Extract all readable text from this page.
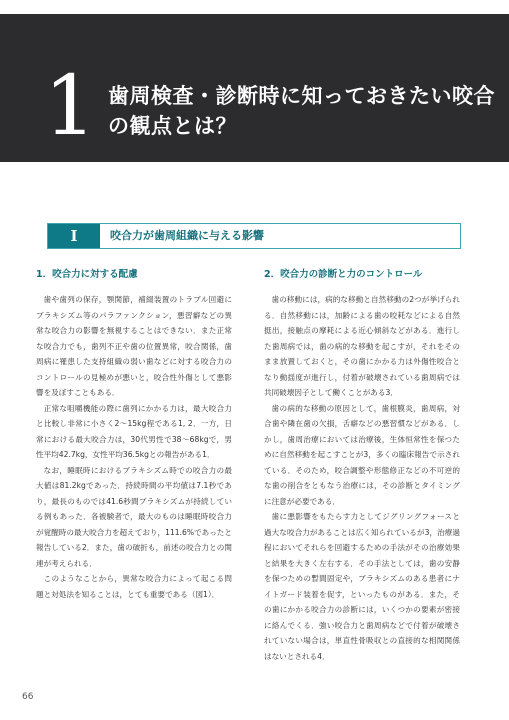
1 歯周検査・診断時に知っておきたい咬合の観点とは？
I	咬合力が歯周組織に与える影響
1．咬合力に対する配慮

歯や歯列の保存，顎関節，補綴装置のトラブル回避にブラキシズム等のパラファンクション，悪習癖などの異常な咬合力の影響を無視することはできない．また正常な咬合力でも，歯列不正や歯の位置異常，咬合関係，歯周病に罹患した支持組織の弱い歯などに対する咬合力のコントロールの見極めが悪いと，咬合性外傷として悪影響を及ぼすこともある．

正常な咀嚼機能の際に歯列にかかる力は，最大咬合力と比較し非常に小さく2〜15kg程である1, 2．一方，日常における最大咬合力は，30代男性で38〜68kgで，男性平均42.7kg，女性平均36.5kgとの報告がある1．

なお，睡眠時におけるブラキシズム時での咬合力の最大値は81.2kgであった．持続時間の平均値は7.1秒であり，最長のものでは41.6秒間ブラキシズムが持続している例もあった．各被験者で，最大のものは睡眠時咬合力が覚醒時の最大咬合力を超えており，111.6%であったと報告している2．また，歯の破折も，前述の咬合力との関連が考えられる．

このようなことから，異常な咬合力によって起こる問題と対処法を知ることは，とても重要である（図1）．

2．咬合力の診断と力のコントロール

歯の移動には，病的な移動と自然移動の2つが挙げられる．自然移動には，加齢による歯の咬耗などによる自然挺出，接触点の摩耗による近心傾斜などがある．進行した歯周病では，歯の病的な移動を起こすが，それをそのまま放置しておくと，その歯にかかる力は外傷性咬合となり動揺度が進行し，付着が破壊されている歯周病では共同破壊因子として働くことがある3．

歯の病的な移動の原因として，歯根膜炎，歯周病，対合歯や隣在歯の欠損，舌癖などの悪習慣などがある．しかし，歯周治療においては治療後，生体恒常性を保つために自然移動を起こすことが3，多くの臨床報告で示されている．そのため，咬合調整や形態修正などの不可逆的な歯の削合をともなう治療には，その診断とタイミングに注意が必要である．

歯に悪影響をもたらす力としてジグリングフォースと過大な咬合力があることは広く知られているが3，治療過程においてそれらを回避するための手法がその治療効果と結果を大きく左右する．その手法としては，歯の安静を保つための暫間固定や，ブラキシズムのある患者にナイトガード装着を促す，といったものがある．また，その歯にかかる咬合力の診断には，いくつかの要素が密接に絡んでくる．強い咬合力と歯周病などで付着が破壊されていない場合は，単直性骨吸収との直接的な相関関係はないとされる4．

66
